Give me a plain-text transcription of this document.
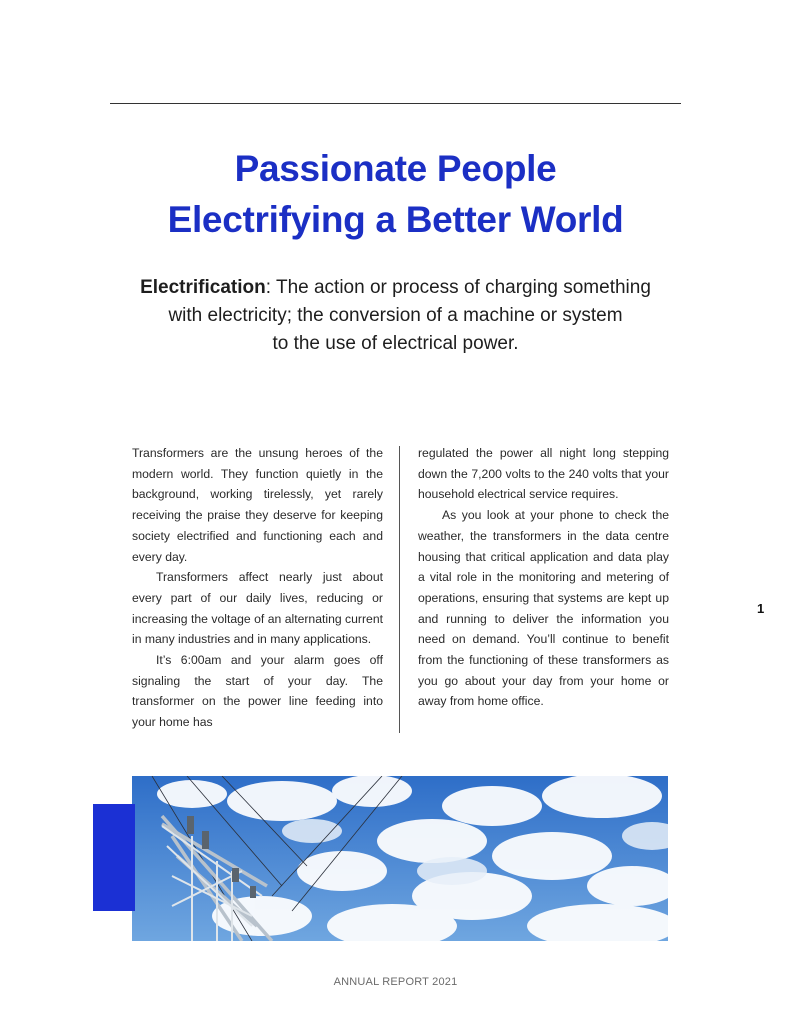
Passionate People
Electrifying a Better World
Electrification: The action or process of charging something
with electricity; the conversion of a machine or system
to the use of electrical power.

Transformers are the unsung heroes of the modern world. They function quietly in the background, working tirelessly, yet rarely receiving the praise they deserve for keeping society electrified and functioning each and every day.

Transformers affect nearly just about every part of our daily lives, reducing or increasing the voltage of an alternating current in many industries and in many applications.

It’s 6:00am and your alarm goes off signaling the start of your day. The transformer on the power line feeding into your home has

regulated the power all night long stepping down the 7,200 volts to the 240 volts that your household electrical service requires.

As you look at your phone to check the weather, the transformers in the data centre housing that critical application and data play a vital role in the monitoring and metering of operations, ensuring that systems are kept up and running to deliver the information you need on demand. You’ll continue to benefit from the functioning of these transformers as you go about your day from your home or away from home office.

1
ANNUAL REPORT 2021
